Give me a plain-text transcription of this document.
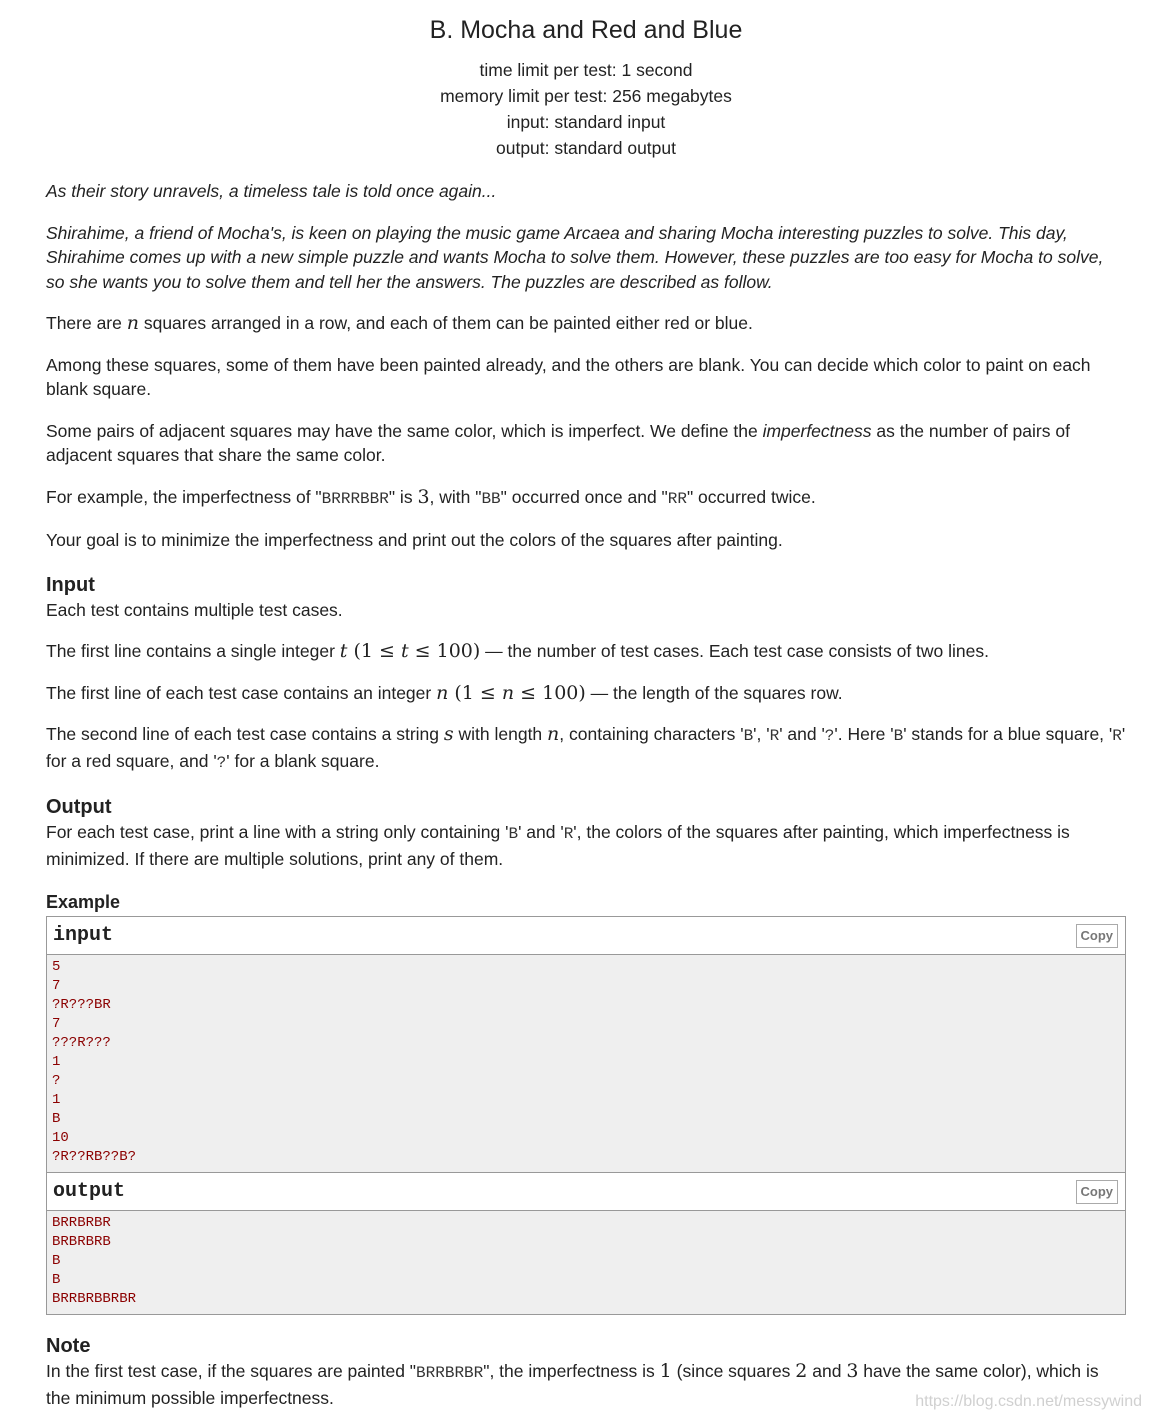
B. Mocha and Red and Blue
time limit per test: 1 second
memory limit per test: 256 megabytes
input: standard input
output: standard output

As their story unravels, a timeless tale is told once again...

Shirahime, a friend of Mocha's, is keen on playing the music game Arcaea and sharing Mocha interesting puzzles to solve. This day, Shirahime comes up with a new simple puzzle and wants Mocha to solve them. However, these puzzles are too easy for Mocha to solve, so she wants you to solve them and tell her the answers. The puzzles are described as follow.

There are n squares arranged in a row, and each of them can be painted either red or blue.

Among these squares, some of them have been painted already, and the others are blank. You can decide which color to paint on each blank square.

Some pairs of adjacent squares may have the same color, which is imperfect. We define the imperfectness as the number of pairs of adjacent squares that share the same color.

For example, the imperfectness of "BRRRBBR" is 3, with "BB" occurred once and "RR" occurred twice.

Your goal is to minimize the imperfectness and print out the colors of the squares after painting.

Input

Each test contains multiple test cases.

The first line contains a single integer t (1 ≤ t ≤ 100) — the number of test cases. Each test case consists of two lines.

The first line of each test case contains an integer n (1 ≤ n ≤ 100) — the length of the squares row.

The second line of each test case contains a string s with length n, containing characters 'B', 'R' and '?'. Here 'B' stands for a blue square, 'R' for a red square, and '?' for a blank square.

Output

For each test case, print a line with a string only containing 'B' and 'R', the colors of the squares after painting, which imperfectness is minimized. If there are multiple solutions, print any of them.

Example
input	Copy
5
7
?R???BR
7
???R???
1
?
1
B
10
?R??RB??B?
output	Copy
BRRBRBR
BRBRBRB
B
B
BRRBRBBRBR
Note

In the first test case, if the squares are painted "BRRBRBR", the imperfectness is 1 (since squares 2 and 3 have the same color), which is the minimum possible imperfectness.	https://blog.csdn.net/messywind
